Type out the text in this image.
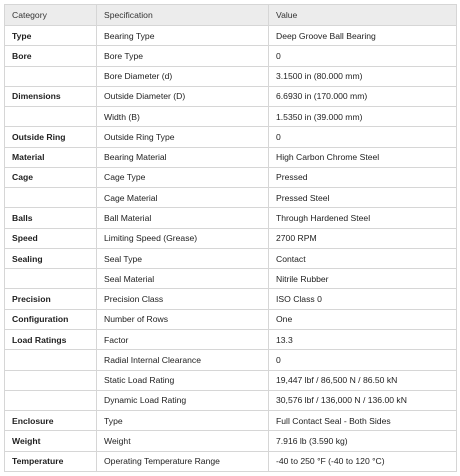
Category	Specification	Value
Type	Bearing Type	Deep Groove Ball Bearing
Bore	Bore Type	0
	Bore Diameter (d)	3.1500 in (80.000 mm)
Dimensions	Outside Diameter (D)	6.6930 in (170.000 mm)
	Width (B)	1.5350 in (39.000 mm)
Outside Ring	Outside Ring Type	0
Material	Bearing Material	High Carbon Chrome Steel
Cage	Cage Type	Pressed
	Cage Material	Pressed Steel
Balls	Ball Material	Through Hardened Steel
Speed	Limiting Speed (Grease)	2700 RPM
Sealing	Seal Type	Contact
	Seal Material	Nitrile Rubber
Precision	Precision Class	ISO Class 0
Configuration	Number of Rows	One
Load Ratings	Factor	13.3
	Radial Internal Clearance	0
	Static Load Rating	19,447 lbf / 86,500 N / 86.50 kN
	Dynamic Load Rating	30,576 lbf / 136,000 N / 136.00 kN
Enclosure	Type	Full Contact Seal - Both Sides
Weight	Weight	7.916 lb (3.590 kg)
Temperature	Operating Temperature Range	-40 to 250 °F (-40 to 120 °C)
